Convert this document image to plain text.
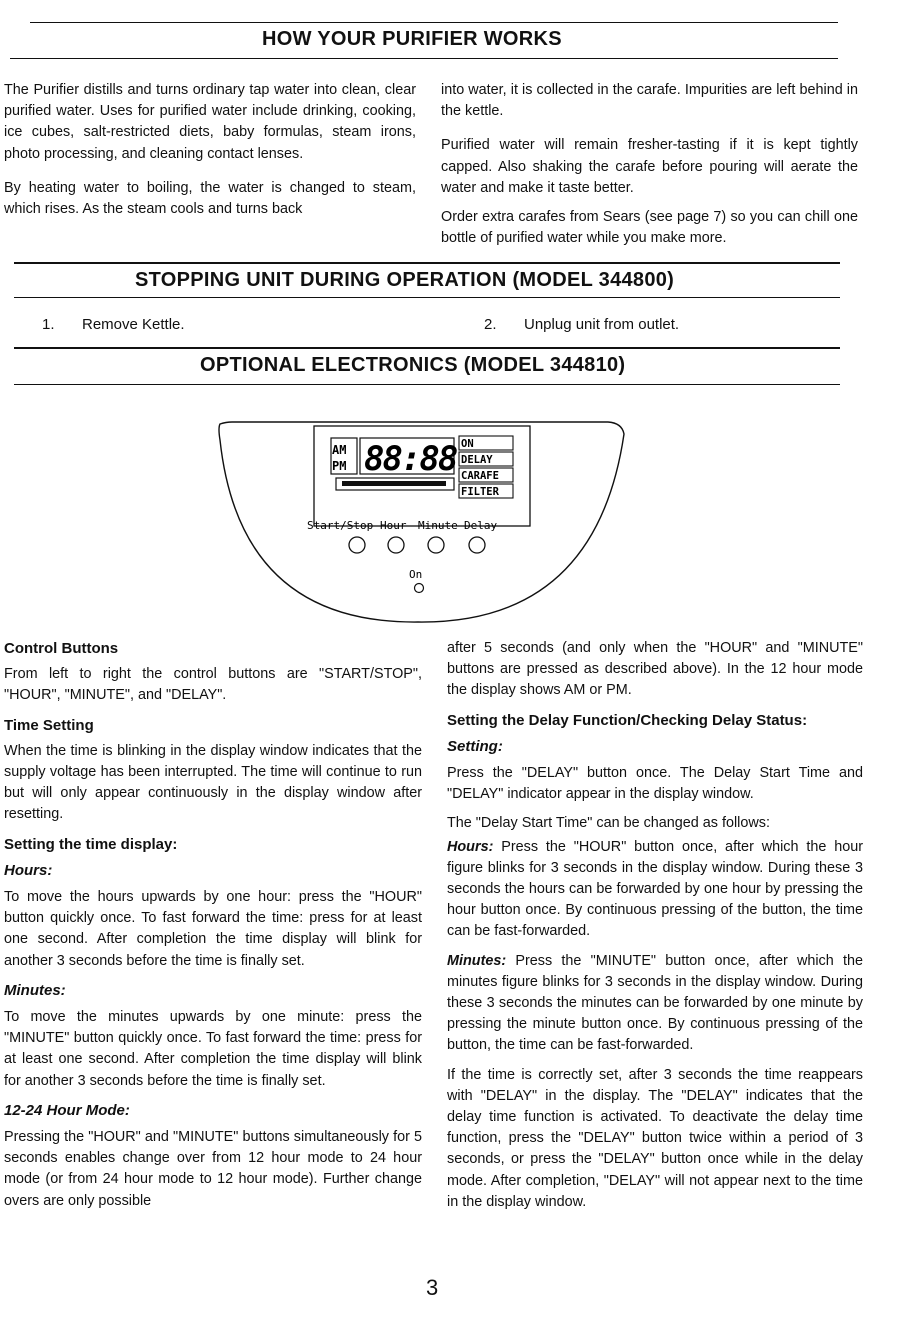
HOW YOUR PURIFIER WORKS

The Purifier distills and turns ordinary tap water into clean, clear purified water. Uses for purified water include drinking, cooking, ice cubes, salt-restricted diets, baby formulas, steam irons, photo processing, and cleaning contact lenses.

By heating water to boiling, the water is changed to steam, which rises. As the steam cools and turns back

into water, it is collected in the carafe. Impurities are left behind in the kettle.

Purified water will remain fresher-tasting if it is kept tightly capped. Also shaking the carafe before pouring will aerate the water and make it taste better.

Order extra carafes from Sears (see page 7) so you can chill one bottle of purified water while you make more.

STOPPING UNIT DURING OPERATION (MODEL 344800)
1. Remove Kettle.	2. Unplug unit from outlet.
OPTIONAL ELECTRONICS (MODEL 344810)
AM
PM 88:88 ON
DELAY
CARAFE
FILTER
Start/Stop Hour Minute Delay
On
Control Buttons

From left to right the control buttons are "START/STOP", "HOUR", "MINUTE", and "DELAY".

Time Setting

When the time is blinking in the display window indicates that the supply voltage has been interrupted. The time will continue to run but will only appear continuously in the display window after resetting.

Setting the time display:
Hours:

To move the hours upwards by one hour: press the "HOUR" button quickly once. To fast forward the time: press for at least one second. After completion the time display will blink for another 3 seconds before the time is finally set.

Minutes:

To move the minutes upwards by one minute: press the "MINUTE" button quickly once. To fast forward the time: press for at least one second. After completion the time display will blink for another 3 seconds before the time is finally set.

12-24 Hour Mode:

Pressing the "HOUR" and "MINUTE" buttons simultaneously for 5 seconds enables change over from 12 hour mode to 24 hour mode (or from 24 hour mode to 12 hour mode). Further change overs are only possible

after 5 seconds (and only when the "HOUR" and "MINUTE" buttons are pressed as described above). In the 12 hour mode the display shows AM or PM.

Setting the Delay Function/Checking Delay Status:
Setting:

Press the "DELAY" button once. The Delay Start Time and "DELAY" indicator appear in the display window.

The "Delay Start Time" can be changed as follows:

Hours: Press the "HOUR" button once, after which the hour figure blinks for 3 seconds in the display window. During these 3 seconds the hours can be forwarded by one hour by pressing the hour button once. By continuous pressing of the button, the time can be fast-forwarded.

Minutes: Press the "MINUTE" button once, after which the minutes figure blinks for 3 seconds in the display window. During these 3 seconds the minutes can be forwarded by one minute by pressing the minute button once. By continuous pressing of the button, the time can be fast-forwarded.

If the time is correctly set, after 3 seconds the time reappears with "DELAY" in the display. The "DELAY" indicates that the delay time function is activated. To deactivate the delay time function, press the "DELAY" button twice within a period of 3 seconds, or press the "DELAY" button once while in the delay mode. After completion, "DELAY" will not appear next to the time in the display window.

3
